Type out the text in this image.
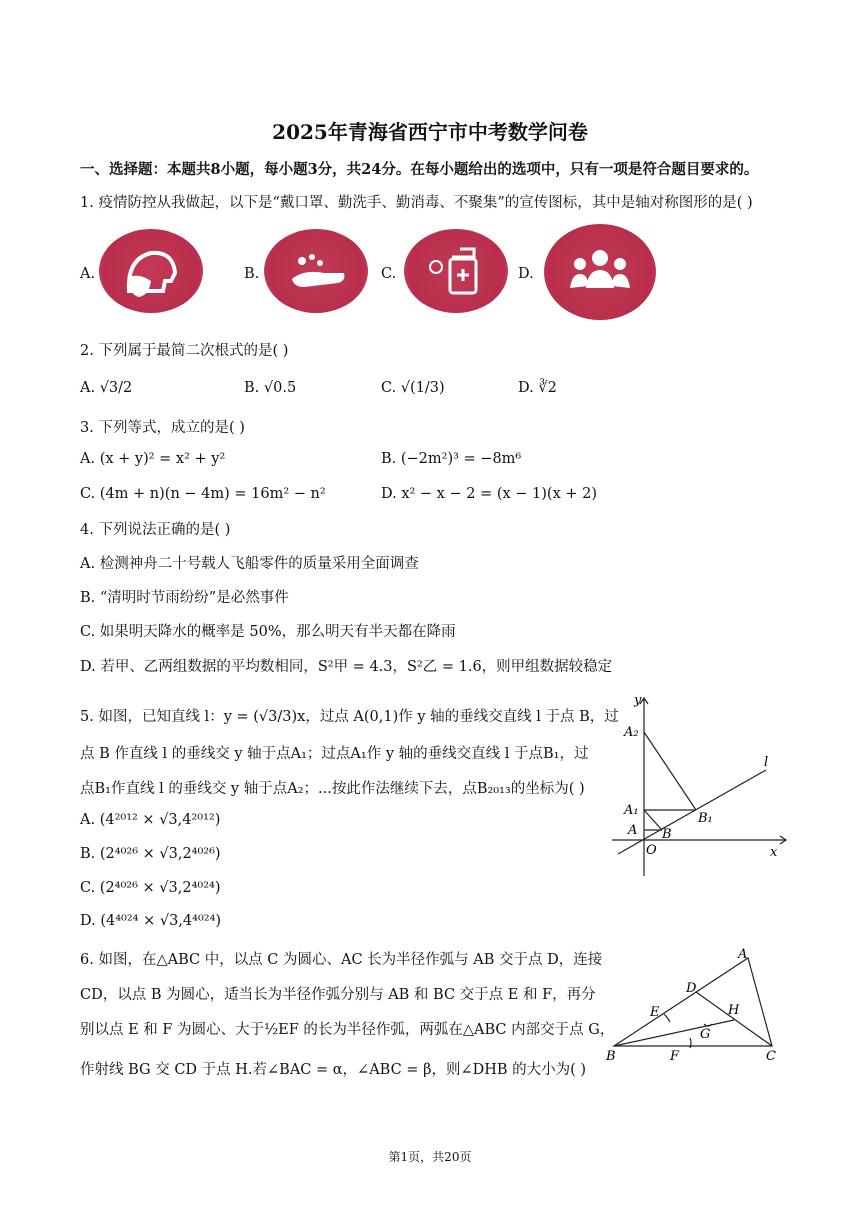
2025年青海省西宁市中考数学问卷
一、选择题：本题共8小题，每小题3分，共24分。在每小题给出的选项中，只有一项是符合题目要求的。
1. 疫情防控从我做起，以下是“戴口罩、勤洗手、勤消毒、不聚集”的宣传图标，其中是轴对称图形的是( )
A.	B.	C.	D.
2. 下列属于最简二次根式的是( )
A. √3/2	B. √0.5	C. √(1/3)	D. ∛2
3. 下列等式，成立的是( )
A. (x + y)² = x² + y²	B. (−2m²)³ = −8m⁶
C. (4m + n)(n − 4m) = 16m² − n²	D. x² − x − 2 = (x − 1)(x + 2)
4. 下列说法正确的是( )
A. 检测神舟二十号载人飞船零件的质量采用全面调查
B. “清明时节雨纷纷”是必然事件
C. 如果明天降水的概率是 50%，那么明天有半天都在降雨
D. 若甲、乙两组数据的平均数相同，S²甲 = 4.3，S²乙 = 1.6，则甲组数据较稳定
5. 如图，已知直线 l：y = (√3/3)x，过点 A(0,1)作 y 轴的垂线交直线 l 于点 B，过
点 B 作直线 l 的垂线交 y 轴于点A₁；过点A₁作 y 轴的垂线交直线 l 于点B₁，过
点B₁作直线 l 的垂线交 y 轴于点A₂；...按此作法继续下去，点B₂₀₁₃的坐标为( )
A. (4²⁰¹² × √3,4²⁰¹²)
B. (2⁴⁰²⁶ × √3,2⁴⁰²⁶)
C. (2⁴⁰²⁶ × √3,2⁴⁰²⁴)
D. (4⁴⁰²⁴ × √3,4⁴⁰²⁴)
y
x
l
A₂
A₁
A B
B₁
O
6. 如图，在△ABC 中，以点 C 为圆心、AC 长为半径作弧与 AB 交于点 D，连接
CD，以点 B 为圆心，适当长为半径作弧分别与 AB 和 BC 交于点 E 和 F，再分
别以点 E 和 F 为圆心、大于½EF 的长为半径作弧，两弧在△ABC 内部交于点 G，
作射线 BG 交 CD 于点 H.若∠BAC = α，∠ABC = β，则∠DHB 的大小为( )
A
B	C
D
E
F
G
H
第1页，共20页
